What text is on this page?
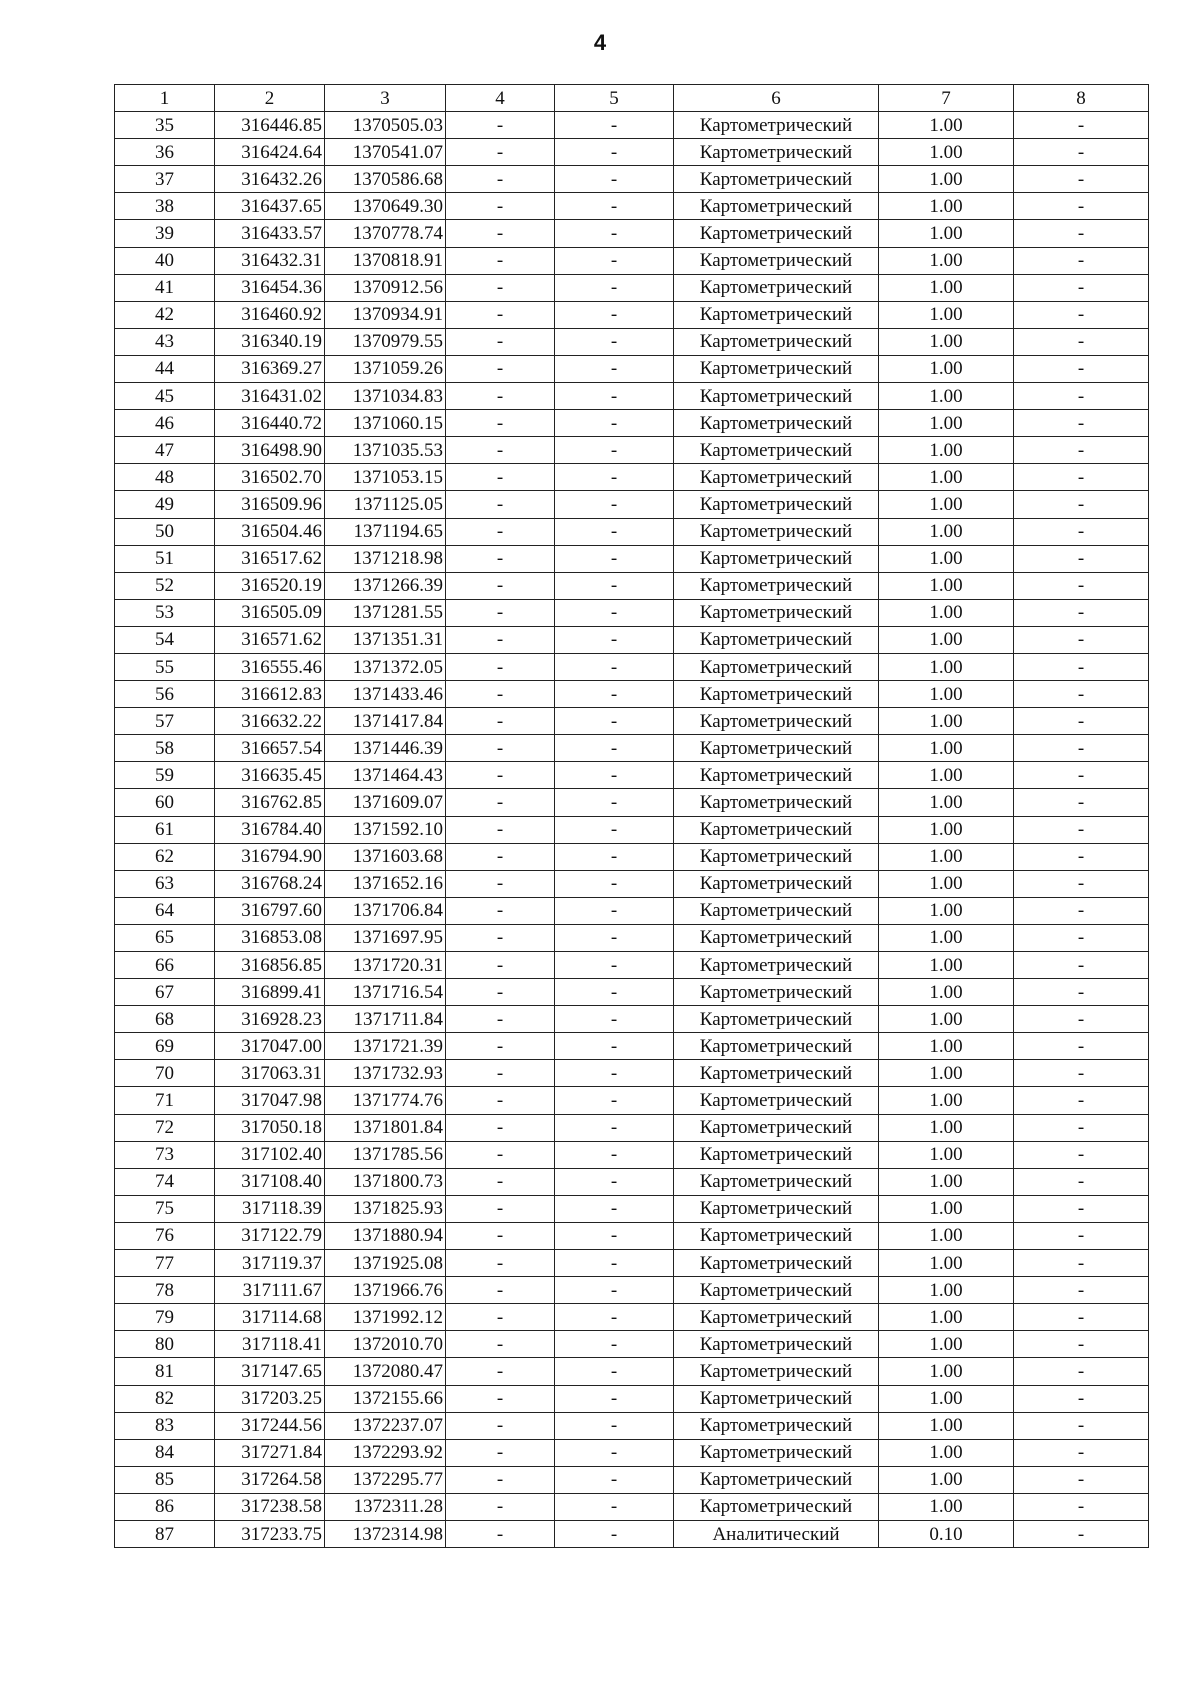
4
1	2	3	4	5	6	7	8
35	316446.85	1370505.03	-	-	Картометрический	1.00	-
36	316424.64	1370541.07	-	-	Картометрический	1.00	-
37	316432.26	1370586.68	-	-	Картометрический	1.00	-
38	316437.65	1370649.30	-	-	Картометрический	1.00	-
39	316433.57	1370778.74	-	-	Картометрический	1.00	-
40	316432.31	1370818.91	-	-	Картометрический	1.00	-
41	316454.36	1370912.56	-	-	Картометрический	1.00	-
42	316460.92	1370934.91	-	-	Картометрический	1.00	-
43	316340.19	1370979.55	-	-	Картометрический	1.00	-
44	316369.27	1371059.26	-	-	Картометрический	1.00	-
45	316431.02	1371034.83	-	-	Картометрический	1.00	-
46	316440.72	1371060.15	-	-	Картометрический	1.00	-
47	316498.90	1371035.53	-	-	Картометрический	1.00	-
48	316502.70	1371053.15	-	-	Картометрический	1.00	-
49	316509.96	1371125.05	-	-	Картометрический	1.00	-
50	316504.46	1371194.65	-	-	Картометрический	1.00	-
51	316517.62	1371218.98	-	-	Картометрический	1.00	-
52	316520.19	1371266.39	-	-	Картометрический	1.00	-
53	316505.09	1371281.55	-	-	Картометрический	1.00	-
54	316571.62	1371351.31	-	-	Картометрический	1.00	-
55	316555.46	1371372.05	-	-	Картометрический	1.00	-
56	316612.83	1371433.46	-	-	Картометрический	1.00	-
57	316632.22	1371417.84	-	-	Картометрический	1.00	-
58	316657.54	1371446.39	-	-	Картометрический	1.00	-
59	316635.45	1371464.43	-	-	Картометрический	1.00	-
60	316762.85	1371609.07	-	-	Картометрический	1.00	-
61	316784.40	1371592.10	-	-	Картометрический	1.00	-
62	316794.90	1371603.68	-	-	Картометрический	1.00	-
63	316768.24	1371652.16	-	-	Картометрический	1.00	-
64	316797.60	1371706.84	-	-	Картометрический	1.00	-
65	316853.08	1371697.95	-	-	Картометрический	1.00	-
66	316856.85	1371720.31	-	-	Картометрический	1.00	-
67	316899.41	1371716.54	-	-	Картометрический	1.00	-
68	316928.23	1371711.84	-	-	Картометрический	1.00	-
69	317047.00	1371721.39	-	-	Картометрический	1.00	-
70	317063.31	1371732.93	-	-	Картометрический	1.00	-
71	317047.98	1371774.76	-	-	Картометрический	1.00	-
72	317050.18	1371801.84	-	-	Картометрический	1.00	-
73	317102.40	1371785.56	-	-	Картометрический	1.00	-
74	317108.40	1371800.73	-	-	Картометрический	1.00	-
75	317118.39	1371825.93	-	-	Картометрический	1.00	-
76	317122.79	1371880.94	-	-	Картометрический	1.00	-
77	317119.37	1371925.08	-	-	Картометрический	1.00	-
78	317111.67	1371966.76	-	-	Картометрический	1.00	-
79	317114.68	1371992.12	-	-	Картометрический	1.00	-
80	317118.41	1372010.70	-	-	Картометрический	1.00	-
81	317147.65	1372080.47	-	-	Картометрический	1.00	-
82	317203.25	1372155.66	-	-	Картометрический	1.00	-
83	317244.56	1372237.07	-	-	Картометрический	1.00	-
84	317271.84	1372293.92	-	-	Картометрический	1.00	-
85	317264.58	1372295.77	-	-	Картометрический	1.00	-
86	317238.58	1372311.28	-	-	Картометрический	1.00	-
87	317233.75	1372314.98	-	-	Аналитический	0.10	-
